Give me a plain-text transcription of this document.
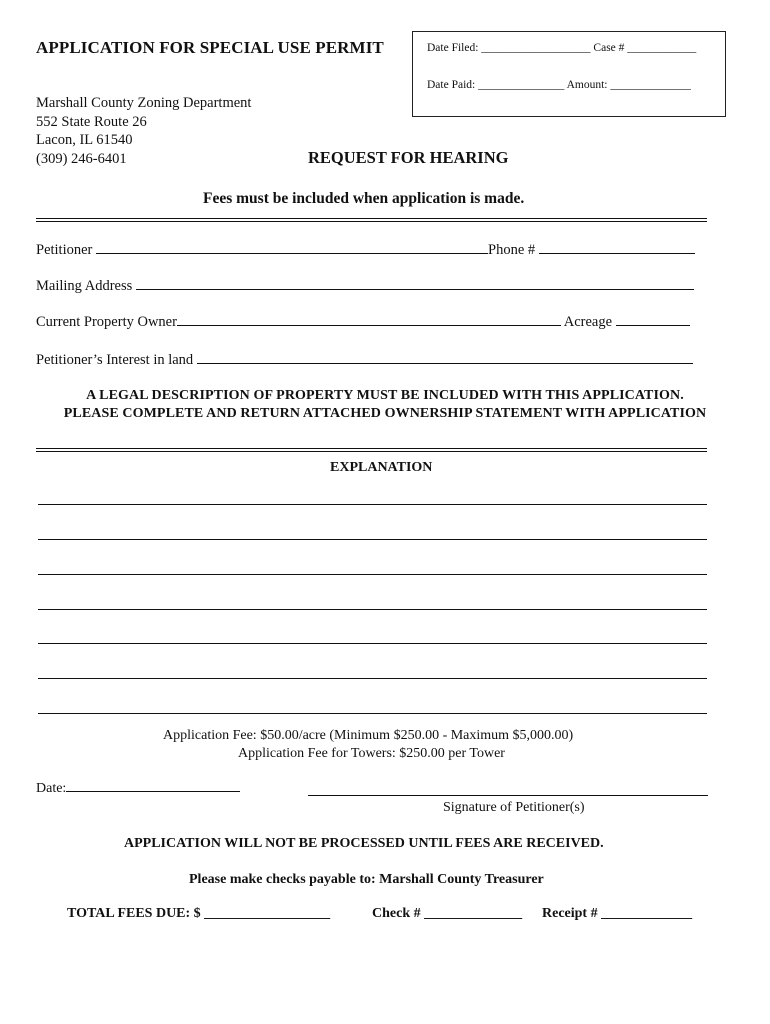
APPLICATION FOR SPECIAL USE PERMIT	Date Filed: ___________________ Case # ____________
Date Paid: _______________ Amount: ______________
Marshall County Zoning Department
552 State Route 26
Lacon, IL 61540
(309) 246-6401	REQUEST FOR HEARING
Fees must be included when application is made.
Petitioner	Phone #
Mailing Address
Current Property Owner	Acreage
Petitioner’s Interest in land
A LEGAL DESCRIPTION OF PROPERTY MUST BE INCLUDED WITH THIS APPLICATION.
PLEASE COMPLETE AND RETURN ATTACHED OWNERSHIP STATEMENT WITH APPLICATION
EXPLANATION
Application Fee: $50.00/acre (Minimum $250.00 - Maximum $5,000.00)
Application Fee for Towers: $250.00 per Tower
Date:
Signature of Petitioner(s)
APPLICATION WILL NOT BE PROCESSED UNTIL FEES ARE RECEIVED.
Please make checks payable to: Marshall County Treasurer
TOTAL FEES DUE: $ __________________	Check # ______________ Receipt # _____________
